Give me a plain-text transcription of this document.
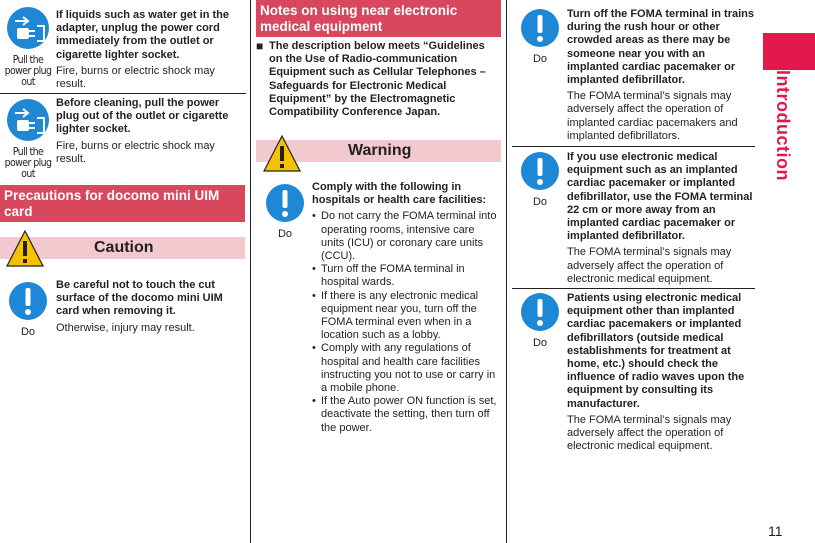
Pull the power plug out
If liquids such as water get in the adapter, unplug the power cord immediately from the outlet or cigarette lighter socket.
Fire, burns or electric shock may result.
Pull the power plug out
Before cleaning, pull the power plug out of the outlet or cigarette lighter socket.
Fire, burns or electric shock may result.
Precautions for docomo mini UIM card
Caution
Do
Be careful not to touch the cut surface of the docomo mini UIM card when removing it.
Otherwise, injury may result.
Notes on using near electronic medical equipment
■ The description below meets “Guidelines on the Use of Radio-communication Equipment such as Cellular Telephones – Safeguards for Electronic Medical Equipment” by the Electromagnetic Compatibility Conference Japan.
Warning
Do
Comply with the following in hospitals or health care facilities:
• Do not carry the FOMA terminal into operating rooms, intensive care units (ICU) or coronary care units (CCU).
• Turn off the FOMA terminal in hospital wards.
• If there is any electronic medical equipment near you, turn off the FOMA terminal even when in a location such as a lobby.
• Comply with any regulations of hospital and health care facilities instructing you not to use or carry in a mobile phone.
• If the Auto power ON function is set, deactivate the setting, then turn off the power.
Do
Turn off the FOMA terminal in trains during the rush hour or other crowded areas as there may be someone near you with an implanted cardiac pacemaker or implanted defibrillator.
The FOMA terminal’s signals may adversely affect the operation of implanted cardiac pacemakers and implanted defibrillators.
Do
If you use electronic medical equipment such as an implanted cardiac pacemaker or implanted defibrillator, use the FOMA terminal 22 cm or more away from an implanted cardiac pacemaker or implanted defibrillator.
The FOMA terminal’s signals may adversely affect the operation of electronic medical equipment.
Do
Patients using electronic medical equipment other than implanted cardiac pacemakers or implanted defibrillators (outside medical establishments for treatment at home, etc.) should check the influence of radio waves upon the equipment by consulting its manufacturer.
The FOMA terminal’s signals may adversely affect the operation of electronic medical equipment.
Introduction
11
